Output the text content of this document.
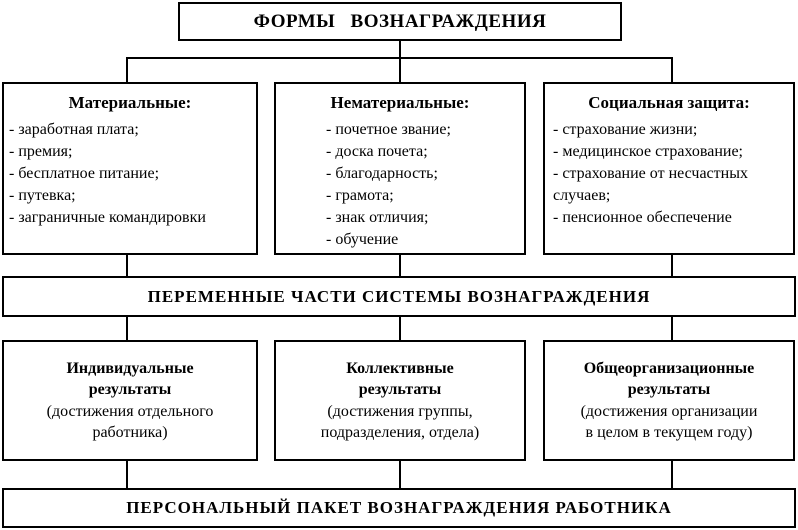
ФОРМЫ ВОЗНАГРАЖДЕНИЯ
Материальные:
- заработная плата;
- премия;
- бесплатное питание;
- путевка;
- заграничные командировки
Нематериальные:
- почетное звание;
- доска почета;
- благодарность;
- грамота;
- знак отличия;
- обучение
Социальная защита:
- страхование жизни;
- медицинское страхование;
- страхование от несчастных случаев;
- пенсионное обеспечение
ПЕРЕМЕННЫЕ ЧАСТИ СИСТЕМЫ ВОЗНАГРАЖДЕНИЯ
Индивидуальные
результаты
(достижения отдельного
работника)
Коллективные
результаты
(достижения группы,
подразделения, отдела)
Общеорганизационные
результаты
(достижения организации
в целом в текущем году)
ПЕРСОНАЛЬНЫЙ ПАКЕТ ВОЗНАГРАЖДЕНИЯ РАБОТНИКА
